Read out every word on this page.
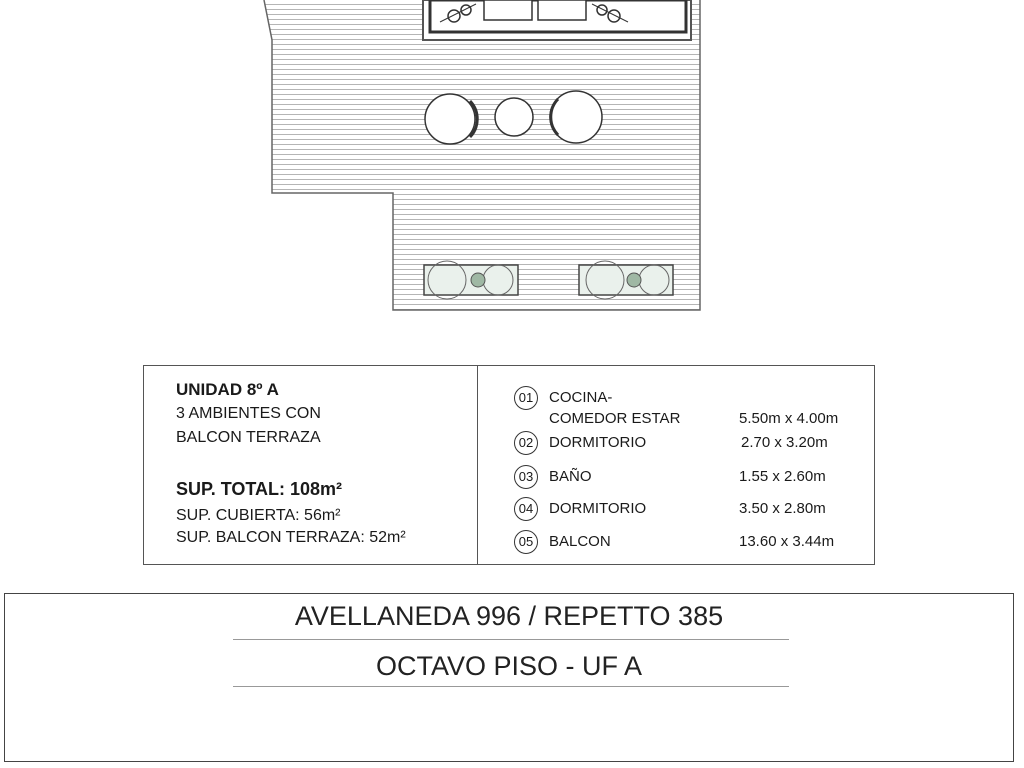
UNIDAD 8º A
3 AMBIENTES CON
BALCON TERRAZA
SUP. TOTAL: 108m²
SUP. CUBIERTA: 56m²
SUP. BALCON TERRAZA: 52m²
01	COCINA-
COMEDOR ESTAR	5.50m x 4.00m
02	DORMITORIO	2.70 x 3.20m
03	BAÑO	1.55 x 2.60m
04	DORMITORIO	3.50 x 2.80m
05	BALCON	13.60 x 3.44m
AVELLANEDA 996 / REPETTO 385
OCTAVO PISO - UF A
